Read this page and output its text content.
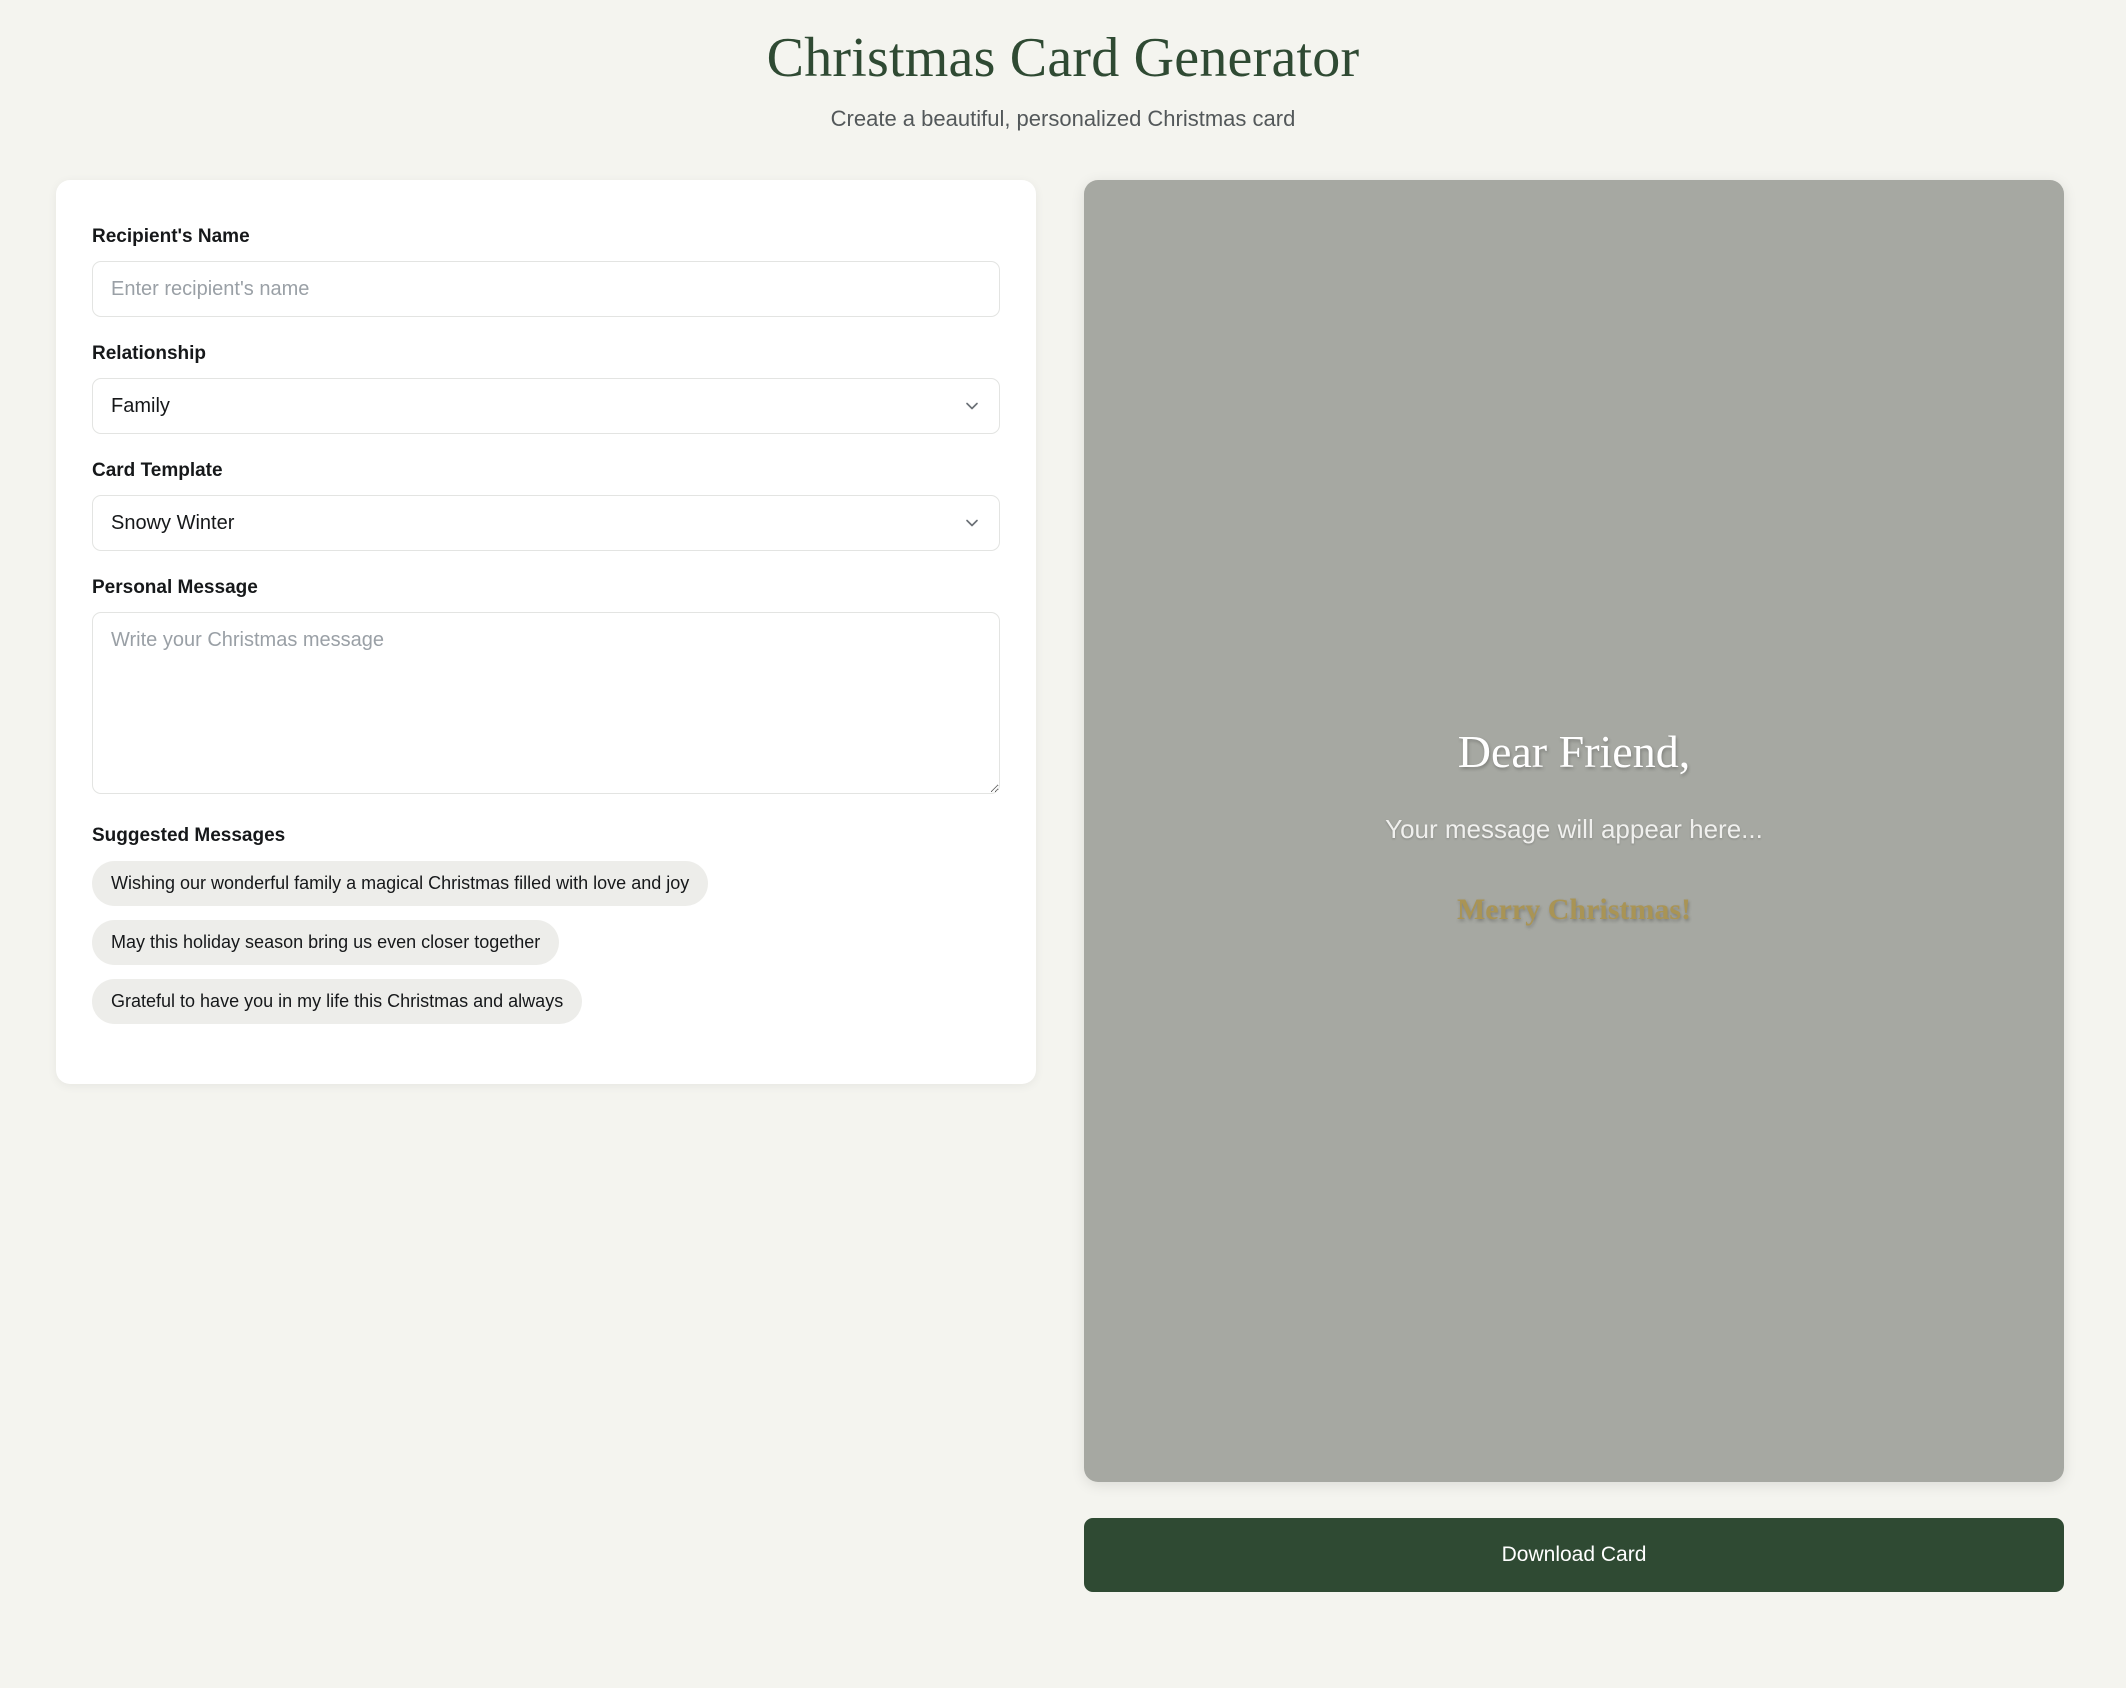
Christmas Card Generator

Create a beautiful, personalized Christmas card

Recipient's Name
Enter recipient's name
Relationship
Family
Card Template
Snowy Winter
Personal Message
Write your Christmas message

Suggested Messages

Wishing our wonderful family a magical Christmas filled with love and joy
May this holiday season bring us even closer together
Grateful to have you in my life this Christmas and always

Dear Friend,

Your message will appear here...

Merry Christmas!

Download Card
